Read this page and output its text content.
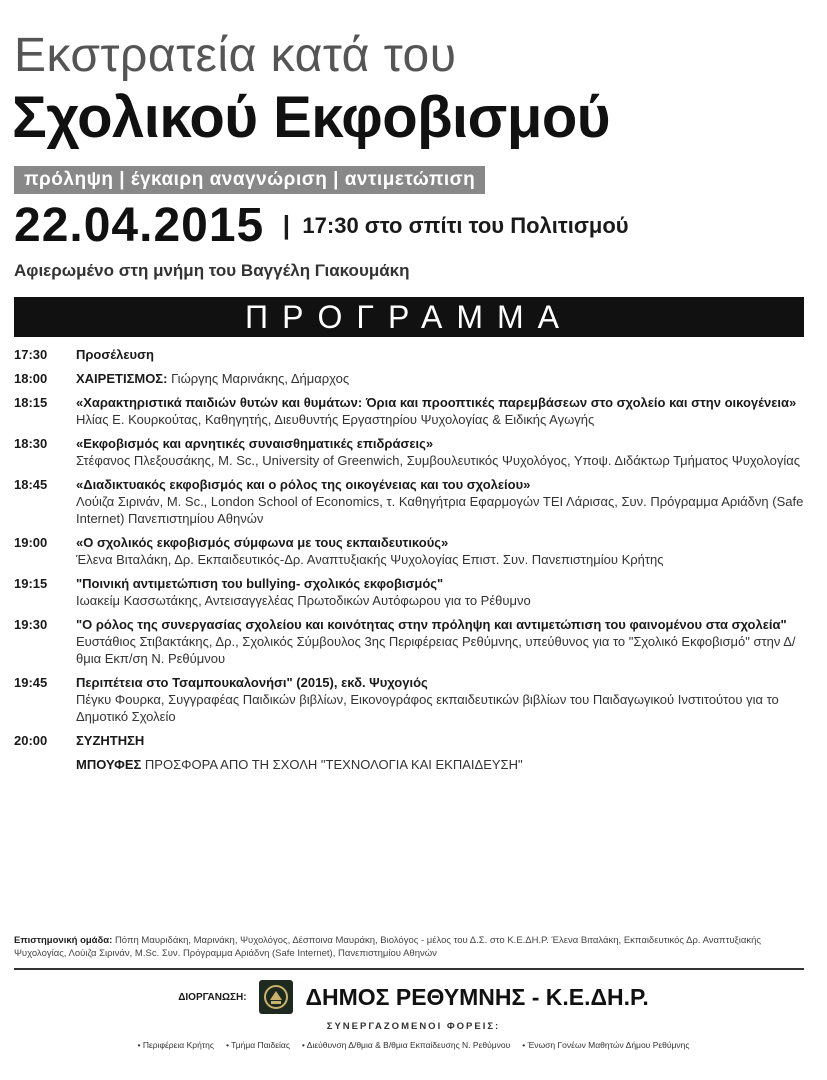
Εκστρατεία κατά του
Σχολικού Εκφοβισμού
πρόληψη | έγκαιρη αναγνώριση | αντιμετώπιση
22.04.2015 | 17:30 στο σπίτι του Πολιτισμού
Αφιερωμένο στη μνήμη του Βαγγέλη Γιακουμάκη
ΠΡΟΓΡΑΜΜΑ
17:30	Προσέλευση
18:00	ΧΑΙΡΕΤΙΣΜΟΣ: Γιώργης Μαρινάκης, Δήμαρχος
18:15	«Χαρακτηριστικά παιδιών θυτών και θυμάτων: Όρια και προοπτικές παρεμβάσεων στο σχολείο και στην οικογένεια»
Ηλίας Ε. Κουρκούτας, Καθηγητής, Διευθυντής Εργαστηρίου Ψυχολογίας & Ειδικής Αγωγής
18:30	«Εκφοβισμός και αρνητικές συναισθηματικές επιδράσεις»
Στέφανος Πλεξουσάκης, M. Sc., University of Greenwich, Συμβουλευτικός Ψυχολόγος, Υποψ. Διδάκτωρ Τμήματος Ψυχολογίας
18:45	«Διαδικτυακός εκφοβισμός και ο ρόλος της οικογένειας και του σχολείου»
Λούιζα Σιρινάν, M. Sc., London School of Economics, τ. Καθηγήτρια Εφαρμογών ΤΕΙ Λάρισας, Συν. Πρόγραμμα Αριάδνη (Safe Internet) Πανεπιστημίου Αθηνών
19:00	«Ο σχολικός εκφοβισμός σύμφωνα με τους εκπαιδευτικούς»
Έλενα Βιταλάκη, Δρ. Εκπαιδευτικός-Δρ. Αναπτυξιακής Ψυχολογίας Επιστ. Συν. Πανεπιστημίου Κρήτης
19:15	"Ποινική αντιμετώπιση του bullying- σχολικός εκφοβισμός"
Ιωακείμ Κασσωτάκης, Αντεισαγγελέας Πρωτοδικών Αυτόφωρου για το Ρέθυμνο
19:30	"Ο ρόλος της συνεργασίας σχολείου και κοινότητας στην πρόληψη και αντιμετώπιση του φαινομένου στα σχολεία"
Ευστάθιος Στιβακτάκης, Δρ., Σχολικός Σύμβουλος 3ης Περιφέρειας Ρεθύμνης, υπεύθυνος για το "Σχολικό Εκφοβισμό" στην Δ/θμια Εκπ/ση Ν. Ρεθύμνου
19:45	Περιπέτεια στο Τσαμπουκαλονήσι" (2015), εκδ. Ψυχογιός
Πέγκυ Φουρκα, Συγγραφέας Παιδικών βιβλίων, Εικονογράφος εκπαιδευτικών βιβλίων του Παιδαγωγικού Ινστιτούτου για το Δημοτικό Σχολείο
20:00	ΣΥΖΗΤΗΣΗ
ΜΠΟΥΦΕΣ ΠΡΟΣΦΟΡΑ ΑΠΟ ΤΗ ΣΧΟΛΗ "ΤΕΧΝΟΛΟΓΙΑ ΚΑΙ ΕΚΠΑΙΔΕΥΣΗ"
Επιστημονική ομάδα: Πόπη Μαυριδάκη, Μαρινάκη, Ψυχολόγος, Δέσποινα Μαυράκη, Βιολόγος - μέλος του Δ.Σ. στο Κ.Ε.ΔΗ.Ρ. Έλενα Βιταλάκη, Εκπαιδευτικός Δρ. Αναπτυξιακής Ψυχολογίας, Λούιζα Σιρινάν, M.Sc. Συν. Πρόγραμμα Αριάδνη (Safe Internet), Πανεπιστημίου Αθηνών
ΔΙΟΡΓΑΝΩΣΗ:	ΔΗΜΟΣ ΡΕΘΥΜΝΗΣ - Κ.Ε.ΔΗ.Ρ.
ΣΥΝΕΡΓΑΖΟΜΕΝΟΙ ΦΟΡΕΙΣ:
• Περιφέρεια Κρήτης • Τμήμα Παιδείας • Διεύθυνση Δ/θμια & Β/θμια Εκπαίδευσης Ν. Ρεθύμνου • Ένωση Γονέων Μαθητών Δήμου Ρεθύμνης
